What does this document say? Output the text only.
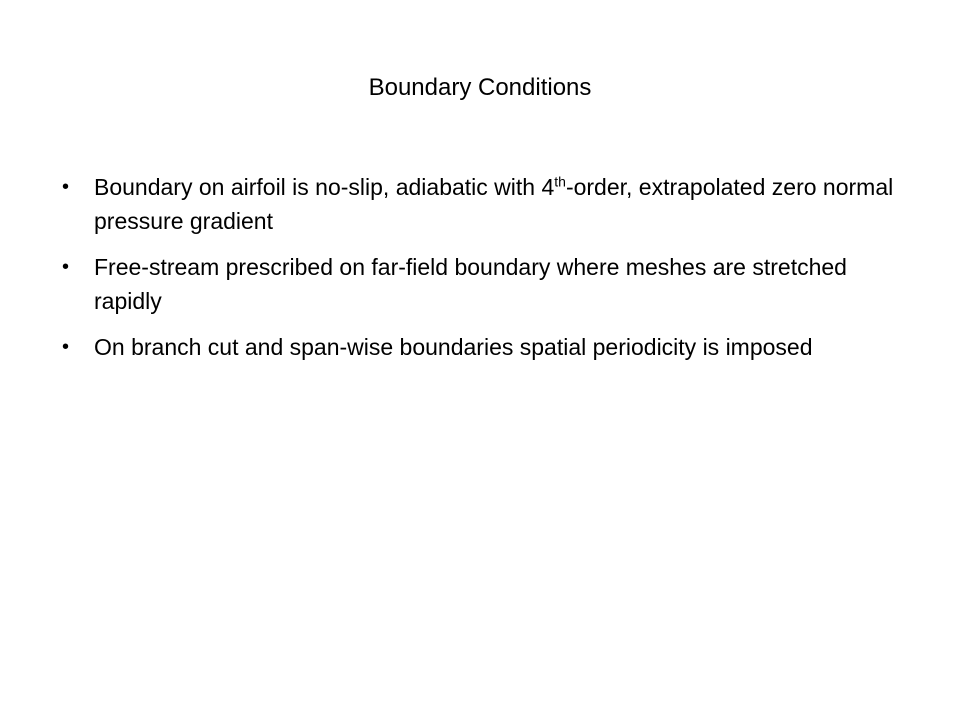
Boundary Conditions
• Boundary on airfoil is no-slip, adiabatic with 4th-order, extrapolated zero normal pressure gradient
• Free-stream prescribed on far-field boundary where meshes are stretched rapidly
• On branch cut and span-wise boundaries spatial periodicity is imposed
